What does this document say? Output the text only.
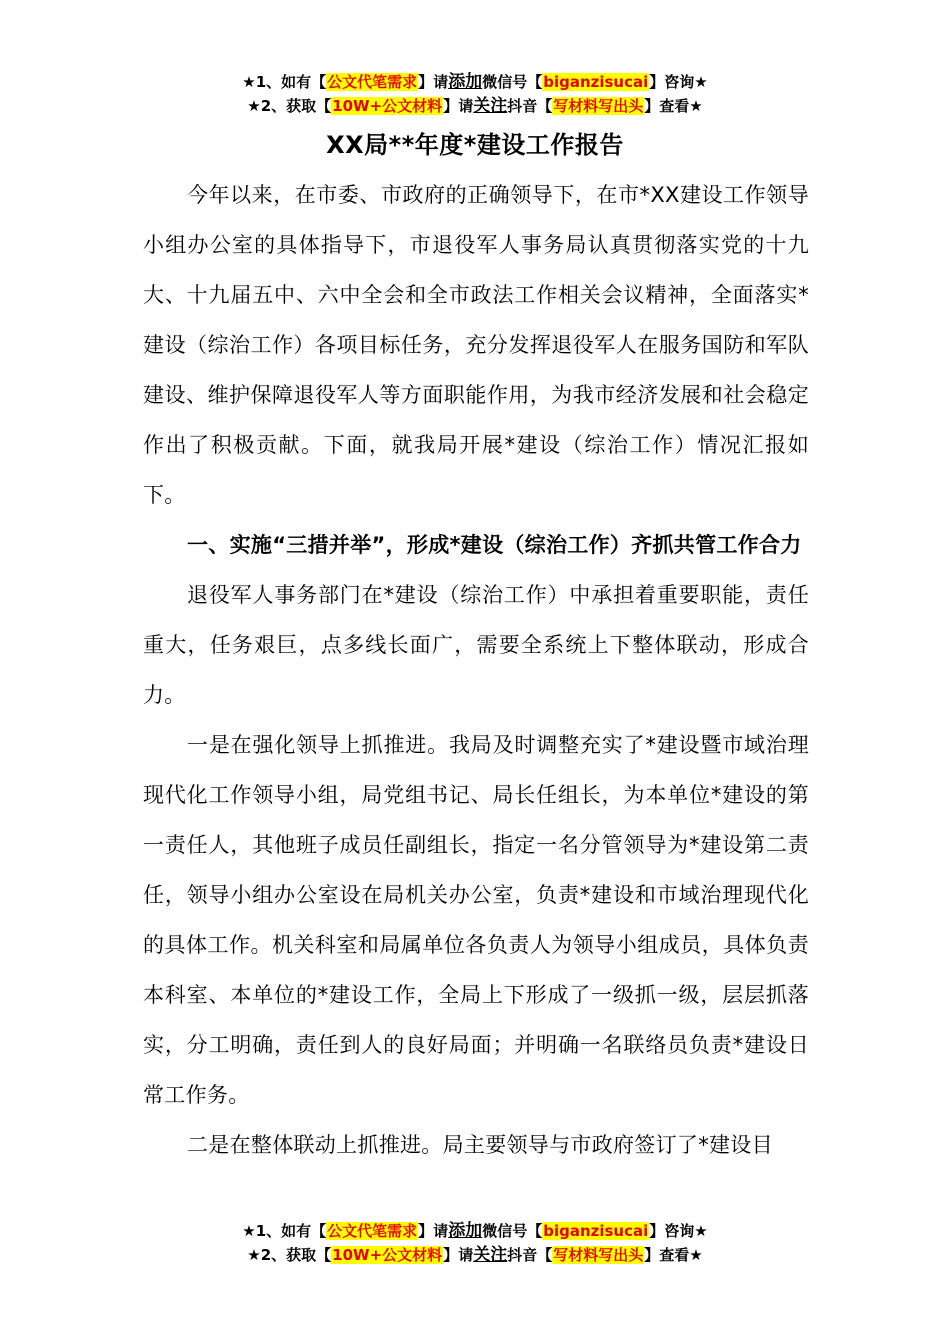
★1、如有【公文代笔需求】请添加微信号【biganzisucai】咨询★
★2、获取【10W+公文材料】请关注抖音【写材料写出头】查看★
XX局**年度*建设工作报告

今年以来，在市委、市政府的正确领导下，在市*XX建设工作领导小组办公室的具体指导下，市退役军人事务局认真贯彻落实党的十九大、十九届五中、六中全会和全市政法工作相关会议精神，全面落实*建设（综治工作）各项目标任务，充分发挥退役军人在服务国防和军队建设、维护保障退役军人等方面职能作用，为我市经济发展和社会稳定作出了积极贡献。下面，就我局开展*建设（综治工作）情况汇报如下。

一、实施“三措并举”，形成*建设（综治工作）齐抓共管工作合力

退役军人事务部门在*建设（综治工作）中承担着重要职能，责任重大，任务艰巨，点多线长面广，需要全系统上下整体联动，形成合力。

一是在强化领导上抓推进。我局及时调整充实了*建设暨市域治理现代化工作领导小组，局党组书记、局长任组长，为本单位*建设的第一责任人，其他班子成员任副组长，指定一名分管领导为*建设第二责任，领导小组办公室设在局机关办公室，负责*建设和市域治理现代化的具体工作。机关科室和局属单位各负责人为领导小组成员，具体负责本科室、本单位的*建设工作，全局上下形成了一级抓一级，层层抓落实，分工明确，责任到人的良好局面；并明确一名联络员负责*建设日常工作务。

二是在整体联动上抓推进。局主要领导与市政府签订了*建设目

★1、如有【公文代笔需求】请添加微信号【biganzisucai】咨询★
★2、获取【10W+公文材料】请关注抖音【写材料写出头】查看★
